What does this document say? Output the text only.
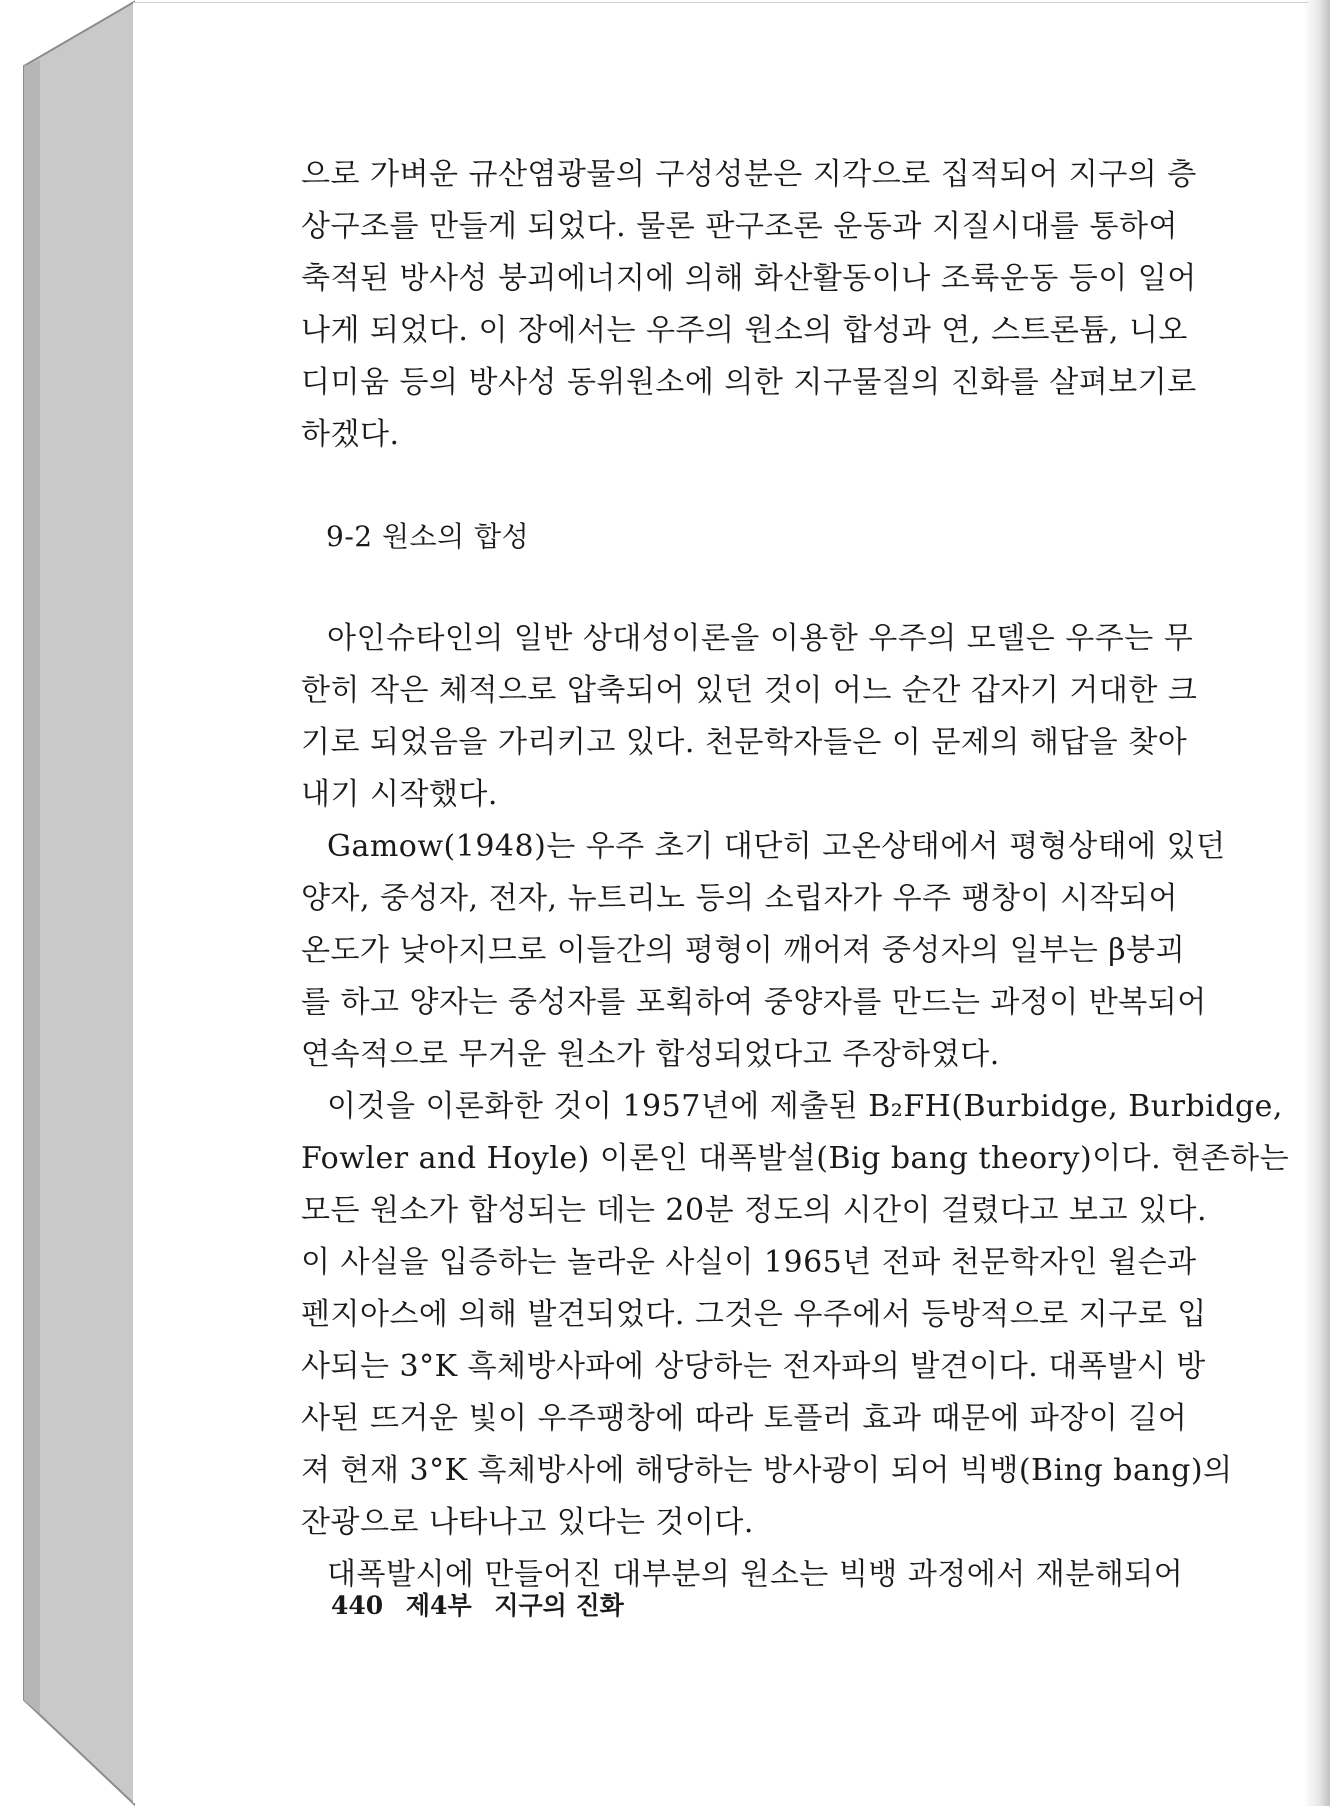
으로 가벼운 규산염광물의 구성성분은 지각으로 집적되어 지구의 층
상구조를 만들게 되었다. 물론 판구조론 운동과 지질시대를 통하여
축적된 방사성 붕괴에너지에 의해 화산활동이나 조륙운동 등이 일어
나게 되었다. 이 장에서는 우주의 원소의 합성과 연, 스트론튬, 니오
디미움 등의 방사성 동위원소에 의한 지구물질의 진화를 살펴보기로
하겠다.
9-2 원소의 합성
아인슈타인의 일반 상대성이론을 이용한 우주의 모델은 우주는 무
한히 작은 체적으로 압축되어 있던 것이 어느 순간 갑자기 거대한 크
기로 되었음을 가리키고 있다. 천문학자들은 이 문제의 해답을 찾아
내기 시작했다.
Gamow(1948)는 우주 초기 대단히 고온상태에서 평형상태에 있던
양자, 중성자, 전자, 뉴트리노 등의 소립자가 우주 팽창이 시작되어
온도가 낮아지므로 이들간의 평형이 깨어져 중성자의 일부는 β붕괴
를 하고 양자는 중성자를 포획하여 중양자를 만드는 과정이 반복되어
연속적으로 무거운 원소가 합성되었다고 주장하였다.
이것을 이론화한 것이 1957년에 제출된 B₂FH(Burbidge, Burbidge,
Fowler and Hoyle) 이론인 대폭발설(Big bang theory)이다. 현존하는
모든 원소가 합성되는 데는 20분 정도의 시간이 걸렸다고 보고 있다.
이 사실을 입증하는 놀라운 사실이 1965년 전파 천문학자인 윌슨과
펜지아스에 의해 발견되었다. 그것은 우주에서 등방적으로 지구로 입
사되는 3°K 흑체방사파에 상당하는 전자파의 발견이다. 대폭발시 방
사된 뜨거운 빛이 우주팽창에 따라 토플러 효과 때문에 파장이 길어
져 현재 3°K 흑체방사에 해당하는 방사광이 되어 빅뱅(Bing bang)의
잔광으로 나타나고 있다는 것이다.
대폭발시에 만들어진 대부분의 원소는 빅뱅 과정에서 재분해되어
440 제4부 지구의 진화
